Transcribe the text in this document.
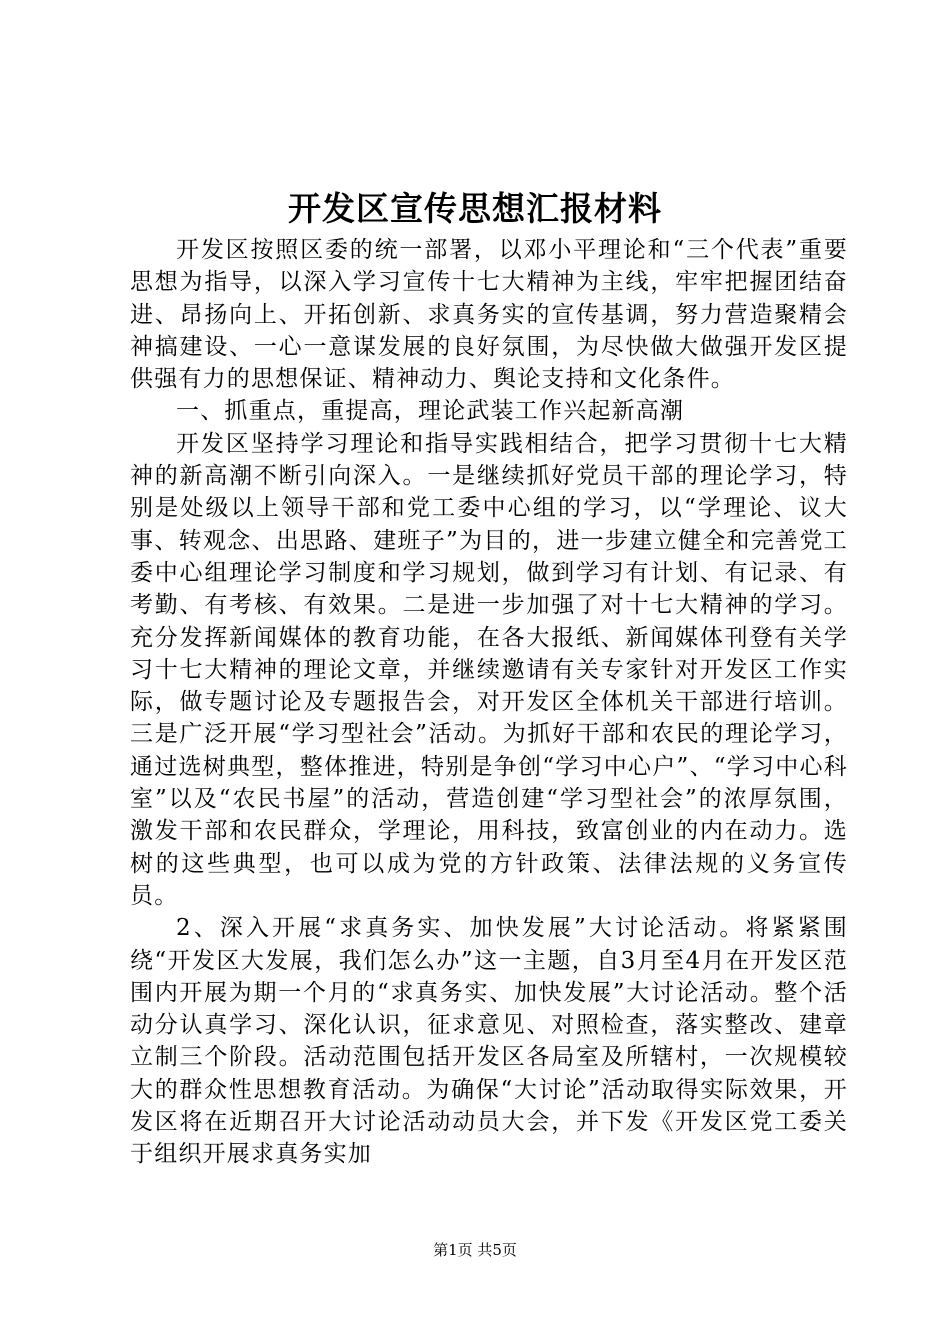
开发区宣传思想汇报材料

开发区按照区委的统一部署，以邓小平理论和“三个代表”重要思想为指导，以深入学习宣传十七大精神为主线，牢牢把握团结奋进、昂扬向上、开拓创新、求真务实的宣传基调，努力营造聚精会神搞建设、一心一意谋发展的良好氛围，为尽快做大做强开发区提供强有力的思想保证、精神动力、舆论支持和文化条件。

一、抓重点，重提高，理论武装工作兴起新高潮

开发区坚持学习理论和指导实践相结合，把学习贯彻十七大精神的新高潮不断引向深入。一是继续抓好党员干部的理论学习，特别是处级以上领导干部和党工委中心组的学习，以“学理论、议大事、转观念、出思路、建班子”为目的，进一步建立健全和完善党工委中心组理论学习制度和学习规划，做到学习有计划、有记录、有考勤、有考核、有效果。二是进一步加强了对十七大精神的学习。充分发挥新闻媒体的教育功能，在各大报纸、新闻媒体刊登有关学习十七大精神的理论文章，并继续邀请有关专家针对开发区工作实际，做专题讨论及专题报告会，对开发区全体机关干部进行培训。三是广泛开展“学习型社会”活动。为抓好干部和农民的理论学习，通过选树典型，整体推进，特别是争创“学习中心户”、“学习中心科室”以及“农民书屋”的活动，营造创建“学习型社会”的浓厚氛围，激发干部和农民群众，学理论，用科技，致富创业的内在动力。选树的这些典型，也可以成为党的方针政策、法律法规的义务宣传员。

2、深入开展“求真务实、加快发展”大讨论活动。将紧紧围绕“开发区大发展，我们怎么办”这一主题，自3月至4月在开发区范围内开展为期一个月的“求真务实、加快发展”大讨论活动。整个活动分认真学习、深化认识，征求意见、对照检查，落实整改、建章立制三个阶段。活动范围包括开发区各局室及所辖村，一次规模较大的群众性思想教育活动。为确保“大讨论”活动取得实际效果，开发区将在近期召开大讨论活动动员大会，并下发《开发区党工委关于组织开展求真务实加

第1页 共5页
